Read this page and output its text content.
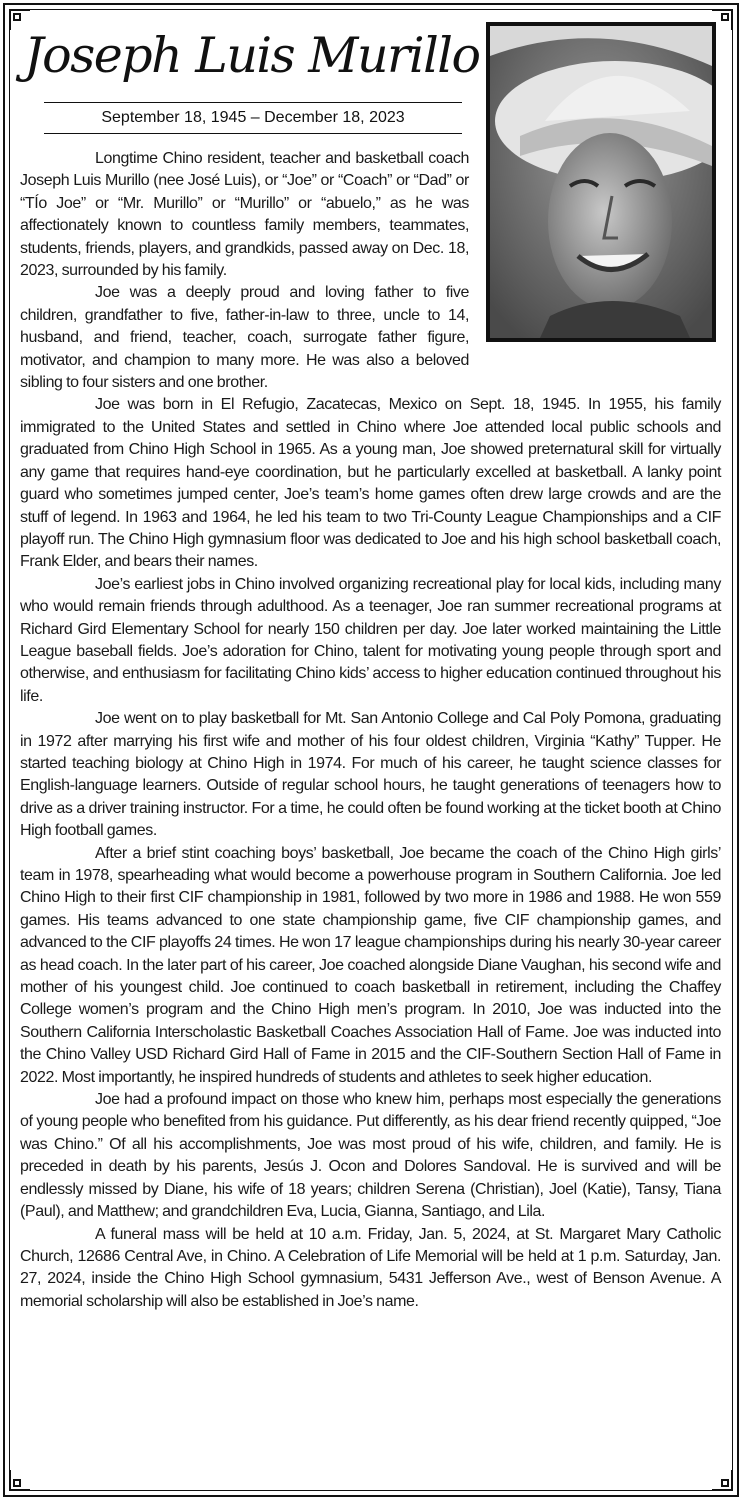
Joseph Luis Murillo
September 18, 1945 – December 18, 2023

Longtime Chino resident, teacher and basketball coach Joseph Luis Murillo (nee José Luis), or “Joe” or “Coach” or “Dad” or “TÍo Joe” or “Mr. Murillo” or “Murillo” or “abuelo,” as he was affectionately known to countless family members, teammates, students, friends, players, and grandkids, passed away on Dec. 18, 2023, surrounded by his family.

Joe was a deeply proud and loving father to five children, grandfather to five, father-in-law to three, uncle to 14, husband, and friend, teacher, coach, surrogate father figure, motivator, and champion to many more. He was also a beloved sibling to four sisters and one brother.

Joe was born in El Refugio, Zacatecas, Mexico on Sept. 18, 1945. In 1955, his family immigrated to the United States and settled in Chino where Joe attended local public schools and graduated from Chino High School in 1965. As a young man, Joe showed preternatural skill for virtually any game that requires hand-eye coordination, but he particularly excelled at basketball. A lanky point guard who sometimes jumped center, Joe’s team’s home games often drew large crowds and are the stuff of legend. In 1963 and 1964, he led his team to two Tri-County League Championships and a CIF playoff run. The Chino High gymnasium floor was dedicated to Joe and his high school basketball coach, Frank Elder, and bears their names.

Joe’s earliest jobs in Chino involved organizing recreational play for local kids, including many who would remain friends through adulthood. As a teenager, Joe ran summer recreational programs at Richard Gird Elementary School for nearly 150 children per day. Joe later worked maintaining the Little League baseball fields. Joe’s adoration for Chino, talent for motivating young people through sport and otherwise, and enthusiasm for facilitating Chino kids’ access to higher education continued throughout his life.

Joe went on to play basketball for Mt. San Antonio College and Cal Poly Pomona, graduating in 1972 after marrying his first wife and mother of his four oldest children, Virginia “Kathy” Tupper. He started teaching biology at Chino High in 1974. For much of his career, he taught science classes for English-language learners. Outside of regular school hours, he taught generations of teenagers how to drive as a driver training instructor. For a time, he could often be found working at the ticket booth at Chino High football games.

After a brief stint coaching boys’ basketball, Joe became the coach of the Chino High girls’ team in 1978, spearheading what would become a powerhouse program in Southern California. Joe led Chino High to their first CIF championship in 1981, followed by two more in 1986 and 1988. He won 559 games. His teams advanced to one state championship game, five CIF championship games, and advanced to the CIF playoffs 24 times. He won 17 league championships during his nearly 30-year career as head coach. In the later part of his career, Joe coached alongside Diane Vaughan, his second wife and mother of his youngest child. Joe continued to coach basketball in retirement, including the Chaffey College women’s program and the Chino High men’s program. In 2010, Joe was inducted into the Southern California Interscholastic Basketball Coaches Association Hall of Fame. Joe was inducted into the Chino Valley USD Richard Gird Hall of Fame in 2015 and the CIF-Southern Section Hall of Fame in 2022. Most importantly, he inspired hundreds of students and athletes to seek higher education.

Joe had a profound impact on those who knew him, perhaps most especially the generations of young people who benefited from his guidance. Put differently, as his dear friend recently quipped, “Joe was Chino.” Of all his accomplishments, Joe was most proud of his wife, children, and family. He is preceded in death by his parents, Jesús J. Ocon and Dolores Sandoval. He is survived and will be endlessly missed by Diane, his wife of 18 years; children Serena (Christian), Joel (Katie), Tansy, Tiana (Paul), and Matthew; and grandchildren Eva, Lucia, Gianna, Santiago, and Lila.

A funeral mass will be held at 10 a.m. Friday, Jan. 5, 2024, at St. Margaret Mary Catholic Church, 12686 Central Ave, in Chino. A Celebration of Life Memorial will be held at 1 p.m. Saturday, Jan. 27, 2024, inside the Chino High School gymnasium, 5431 Jefferson Ave., west of Benson Avenue. A memorial scholarship will also be established in Joe’s name.
